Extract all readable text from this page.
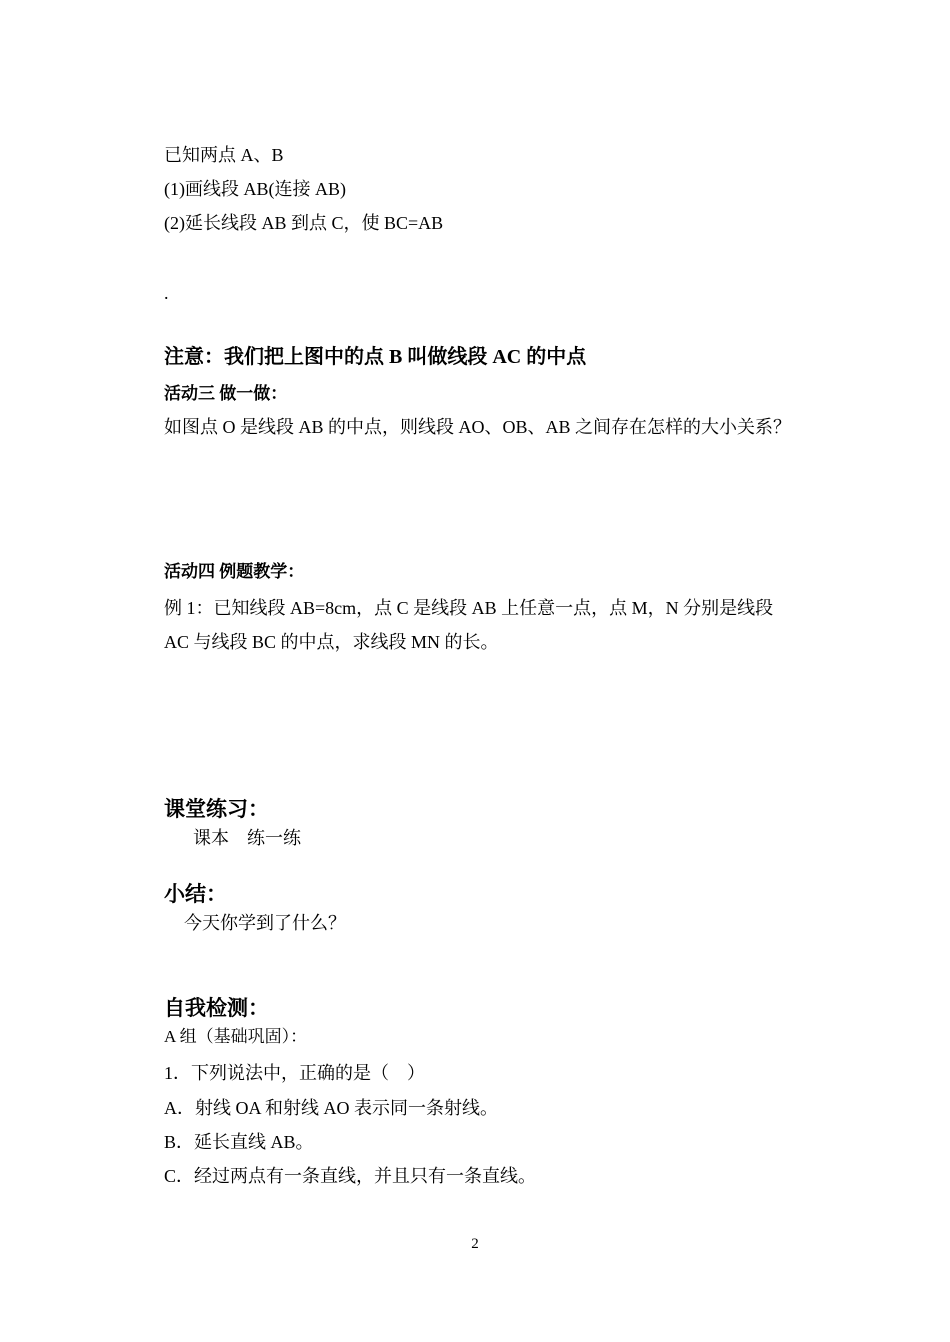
已知两点 A、B
(1)画线段 AB(连接 AB)
(2)延长线段 AB 到点 C，使 BC=AB
.
注意：我们把上图中的点 B 叫做线段 AC 的中点
活动三 做一做：
如图点 O 是线段 AB 的中点，则线段 AO、OB、AB 之间存在怎样的大小关系？
活动四 例题教学：
例 1：已知线段 AB=8cm，点 C 是线段 AB 上任意一点，点 M，N 分别是线段
AC 与线段 BC 的中点，求线段 MN 的长。
课堂练习：
课本　练一练
小结：
今天你学到了什么？
自我检测：
A 组（基础巩固）：
1．下列说法中，正确的是（　）
A．射线 OA 和射线 AO 表示同一条射线。
B．延长直线 AB。
C．经过两点有一条直线，并且只有一条直线。
2
